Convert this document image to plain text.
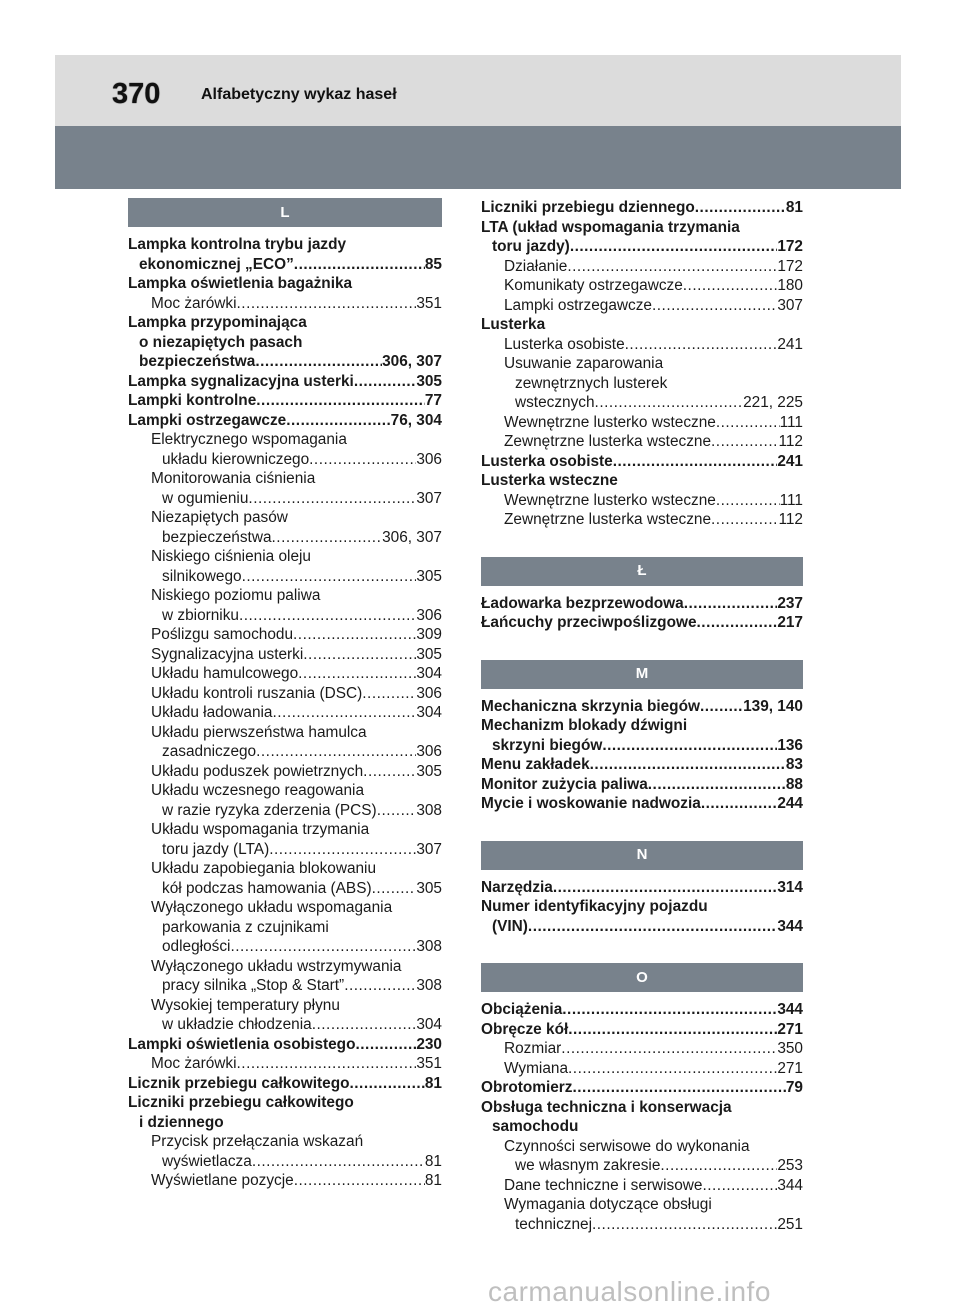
370	Alfabetyczny wykaz haseł
L
Lampka kontrolna trybu jazdy
ekonomicznej „ECO” .....	85
Lampka oświetlenia bagażnika
Moc żarówki .....	351
Lampka przypominająca
o niezapiętych pasach
bezpieczeństwa .....	306, 307
Lampka sygnalizacyjna usterki .....	305
Lampki kontrolne .....	77
Lampki ostrzegawcze .....	76, 304
Elektrycznego wspomagania
układu kierowniczego .....	306
Monitorowania ciśnienia
w ogumieniu .....	307
Niezapiętych pasów
bezpieczeństwa .....	306, 307
Niskiego ciśnienia oleju
silnikowego .....	305
Niskiego poziomu paliwa
w zbiorniku .....	306
Poślizgu samochodu .....	309
Sygnalizacyjna usterki .....	305
Układu hamulcowego .....	304
Układu kontroli ruszania (DSC) .....	306
Układu ładowania .....	304
Układu pierwszeństwa hamulca
zasadniczego .....	306
Układu poduszek powietrznych .....	305
Układu wczesnego reagowania
w razie ryzyka zderzenia (PCS) .....	308
Układu wspomagania trzymania
toru jazdy (LTA) .....	307
Układu zapobiegania blokowaniu
kół podczas hamowania (ABS) .....	305
Wyłączonego układu wspomagania
parkowania z czujnikami
odległości .....	308
Wyłączonego układu wstrzymywania
pracy silnika „Stop & Start” .....	308
Wysokiej temperatury płynu
w układzie chłodzenia .....	304
Lampki oświetlenia osobistego .....	230
Moc żarówki .....	351
Licznik przebiegu całkowitego .....	81
Liczniki przebiegu całkowitego
i dziennego
Przycisk przełączania wskazań
wyświetlacza .....	81
Wyświetlane pozycje .....	81
Liczniki przebiegu dziennego .....	81
LTA (układ wspomagania trzymania
toru jazdy) .....	172
Działanie .....	172
Komunikaty ostrzegawcze .....	180
Lampki ostrzegawcze .....	307
Lusterka
Lusterka osobiste .....	241
Usuwanie zaparowania
zewnętrznych lusterek
wstecznych .....	221, 225
Wewnętrzne lusterko wsteczne .....	111
Zewnętrzne lusterka wsteczne .....	112
Lusterka osobiste .....	241
Lusterka wsteczne
Wewnętrzne lusterko wsteczne .....	111
Zewnętrzne lusterka wsteczne .....	112
Ł
Ładowarka bezprzewodowa .....	237
Łańcuchy przeciwpoślizgowe .....	217
M
Mechaniczna skrzynia biegów .....	139, 140
Mechanizm blokady dźwigni
skrzyni biegów .....	136
Menu zakładek .....	83
Monitor zużycia paliwa .....	88
Mycie i woskowanie nadwozia .....	244
N
Narzędzia .....	314
Numer identyfikacyjny pojazdu
(VIN) .....	344
O
Obciążenia .....	344
Obręcze kół .....	271
Rozmiar .....	350
Wymiana .....	271
Obrotomierz .....	79
Obsługa techniczna i konserwacja
samochodu
Czynności serwisowe do wykonania
we własnym zakresie .....	253
Dane techniczne i serwisowe .....	344
Wymagania dotyczące obsługi
technicznej .....	251
carmanualsonline.info
